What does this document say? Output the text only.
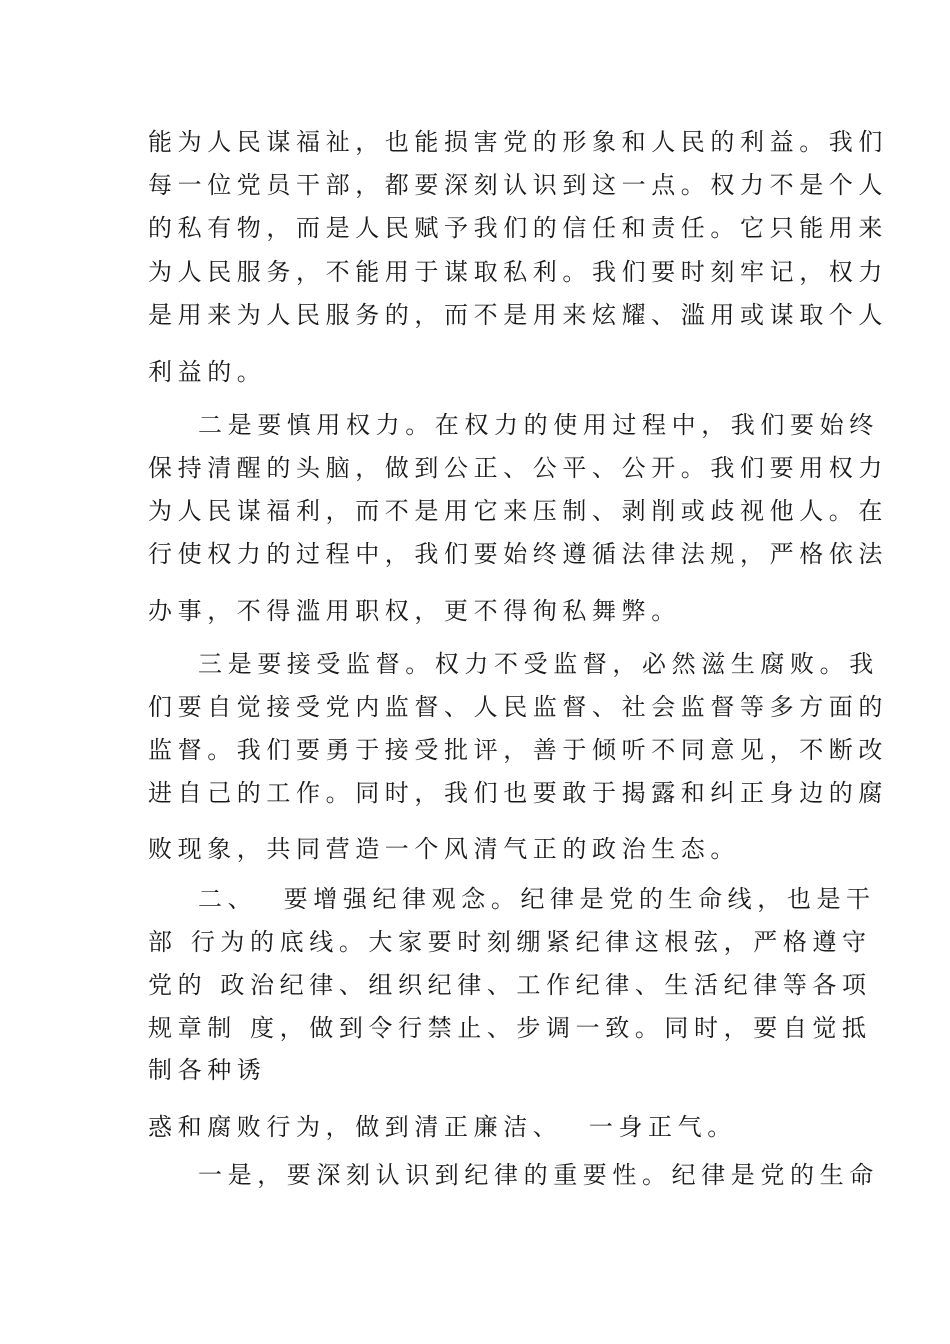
能为人民谋福祉，也能损害党的形象和人民的利益。我们
每一位党员干部，都要深刻认识到这一点。权力不是个人
的私有物，而是人民赋予我们的信任和责任。它只能用来
为人民服务，不能用于谋取私利。我们要时刻牢记，权力
是用来为人民服务的，而不是用来炫耀、滥用或谋取个人
利益的。
二是要慎用权力。在权力的使用过程中，我们要始终
保持清醒的头脑，做到公正、公平、公开。我们要用权力
为人民谋福利，而不是用它来压制、剥削或歧视他人。在
行使权力的过程中，我们要始终遵循法律法规，严格依法
办事，不得滥用职权，更不得徇私舞弊。
三是要接受监督。权力不受监督，必然滋生腐败。我
们要自觉接受党内监督、人民监督、社会监督等多方面的
监督。我们要勇于接受批评，善于倾听不同意见，不断改
进自己的工作。同时，我们也要敢于揭露和纠正身边的腐
败现象，共同营造一个风清气正的政治生态。
二、  要增强纪律观念。纪律是党的生命线，也是干
部 行为的底线。大家要时刻绷紧纪律这根弦，严格遵守
党的 政治纪律、组织纪律、工作纪律、生活纪律等各项
规章制 度，做到令行禁止、步调一致。同时，要自觉抵
制各种诱
惑和腐败行为，做到清正廉洁、  一身正气。
一是，要深刻认识到纪律的重要性。纪律是党的生命
